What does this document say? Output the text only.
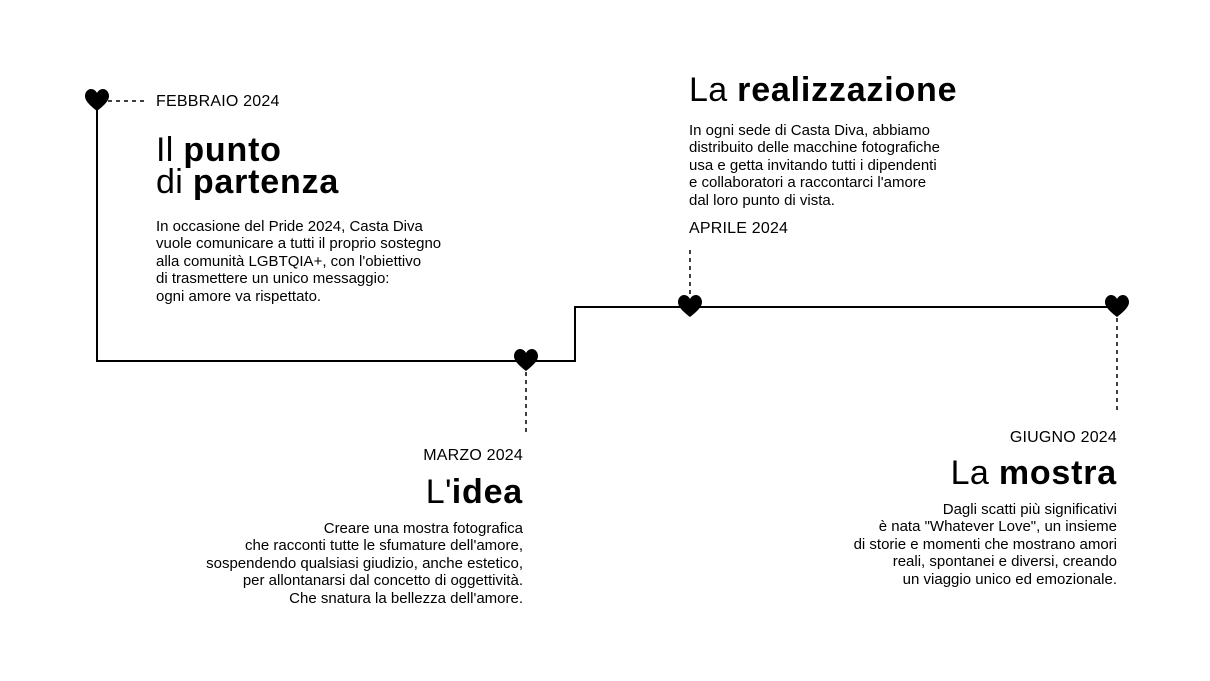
FEBBRAIO 2024
Il punto
di partenza

In occasione del Pride 2024, Casta Diva
vuole comunicare a tutti il proprio sostegno
alla comunità LGBTQIA+, con l'obiettivo
di trasmettere un unico messaggio:
ogni amore va rispettato.

La realizzazione

In ogni sede di Casta Diva, abbiamo
distribuito delle macchine fotografiche
usa e getta invitando tutti i dipendenti
e collaboratori a raccontarci l'amore
dal loro punto di vista.

APRILE 2024
MARZO 2024
L'idea

Creare una mostra fotografica
che racconti tutte le sfumature dell'amore,
sospendendo qualsiasi giudizio, anche estetico,
per allontanarsi dal concetto di oggettività.
Che snatura la bellezza dell'amore.

GIUGNO 2024
La mostra

Dagli scatti più significativi
è nata "Whatever Love", un insieme
di storie e momenti che mostrano amori
reali, spontanei e diversi, creando
un viaggio unico ed emozionale.
